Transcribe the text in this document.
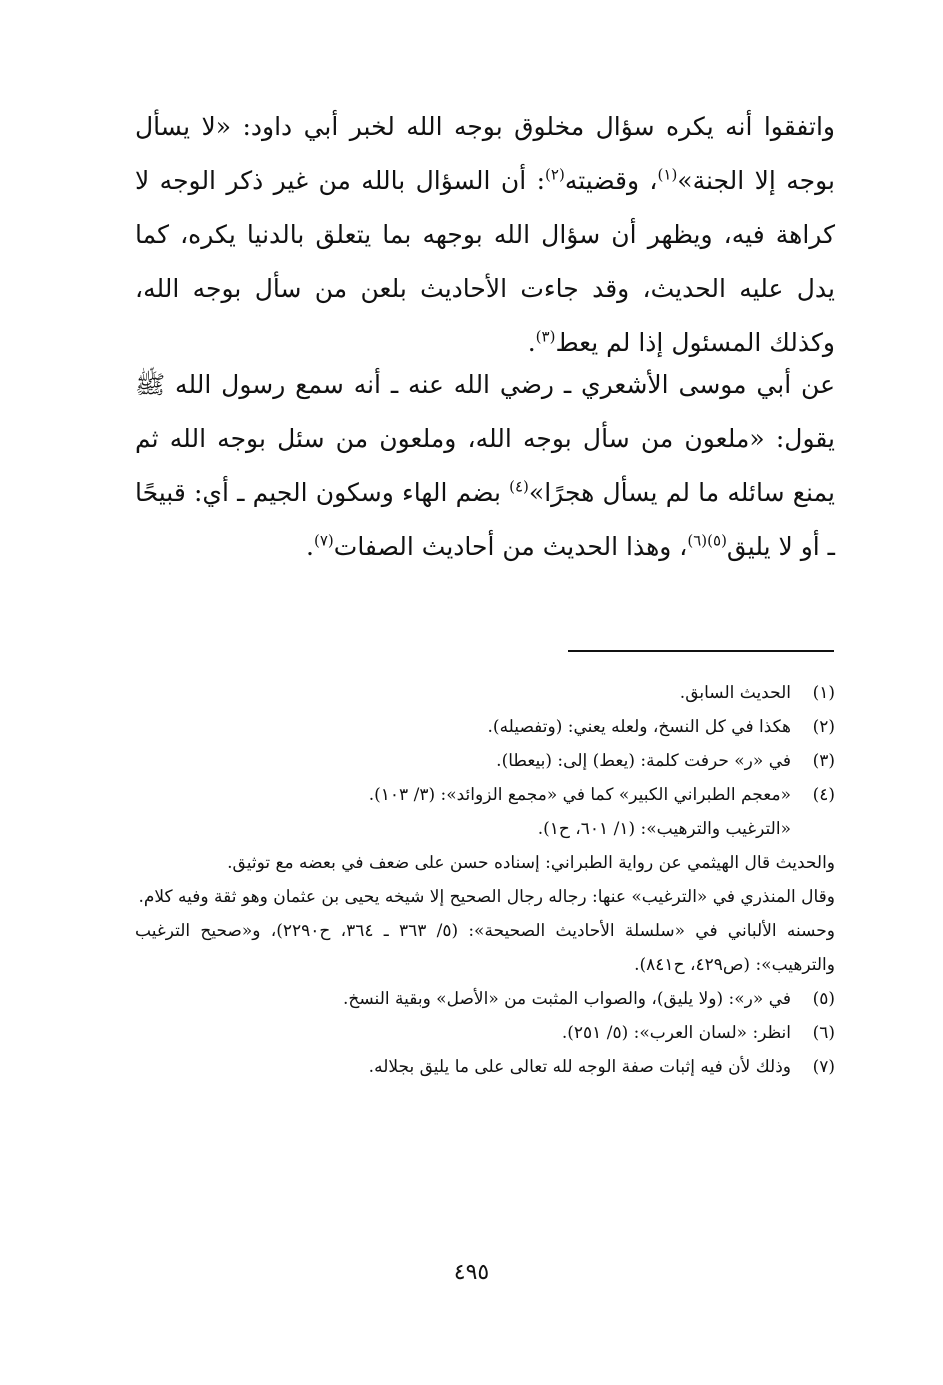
واتفقوا أنه يكره سؤال مخلوق بوجه الله لخبر أبي داود: «لا يسأل بوجه إلا الجنة»$^{(١)}$، وقضيته$^{(٢)}$: أن السؤال بالله من غير ذكر الوجه لا كراهة فيه، ويظهر أن سؤال الله بوجهه بما يتعلق بالدنيا يكره، كما يدل عليه الحديث، وقد جاءت الأحاديث بلعن من سأل بوجه الله، وكذلك المسئول إذا لم يعط$^{(٣)}$.

عن أبي موسى الأشعري ـ رضي الله عنه ـ أنه سمع رسول الله ﷺ يقول: «ملعون من سأل بوجه الله، وملعون من سئل بوجه الله ثم يمنع سائله ما لم يسأل هجرًا»$^{(٤)}$ بضم الهاء وسكون الجيم ـ أي: قبيحًا ـ أو لا يليق$^{(٥)(٦)}$، وهذا الحديث من أحاديث الصفات$^{(٧)}$.

(١)
الحديث السابق.
(٢)
هكذا في كل النسخ، ولعله يعني: (وتفصيله).
(٣)
في «ر» حرفت كلمة: (يعط) إلى: (بيعطا).
(٤)
«معجم الطبراني الكبير» كما في «مجمع الزوائد»: (٣/ ١٠٣).
«الترغيب والترهيب»: (١/ ٦٠١، ح١).
والحديث قال الهيثمي عن رواية الطبراني: إسناده حسن على ضعف في بعضه مع توثيق.
وقال المنذري في «الترغيب» عنها: رجاله رجال الصحيح إلا شيخه يحيى بن عثمان وهو ثقة وفيه كلام.
وحسنه الألباني في «سلسلة الأحاديث الصحيحة»: (٥/ ٣٦٣ ـ ٣٦٤، ح٢٢٩٠)، و«صحيح الترغيب والترهيب»: (ص٤٢٩، ح٨٤١).
(٥)
في «ر»: (ولا يليق)، والصواب المثبت من «الأصل» وبقية النسخ.
(٦)
انظر: «لسان العرب»: (٥/ ٢٥١).
(٧)
وذلك لأن فيه إثبات صفة الوجه لله تعالى على ما يليق بجلاله.
٤٩٥
